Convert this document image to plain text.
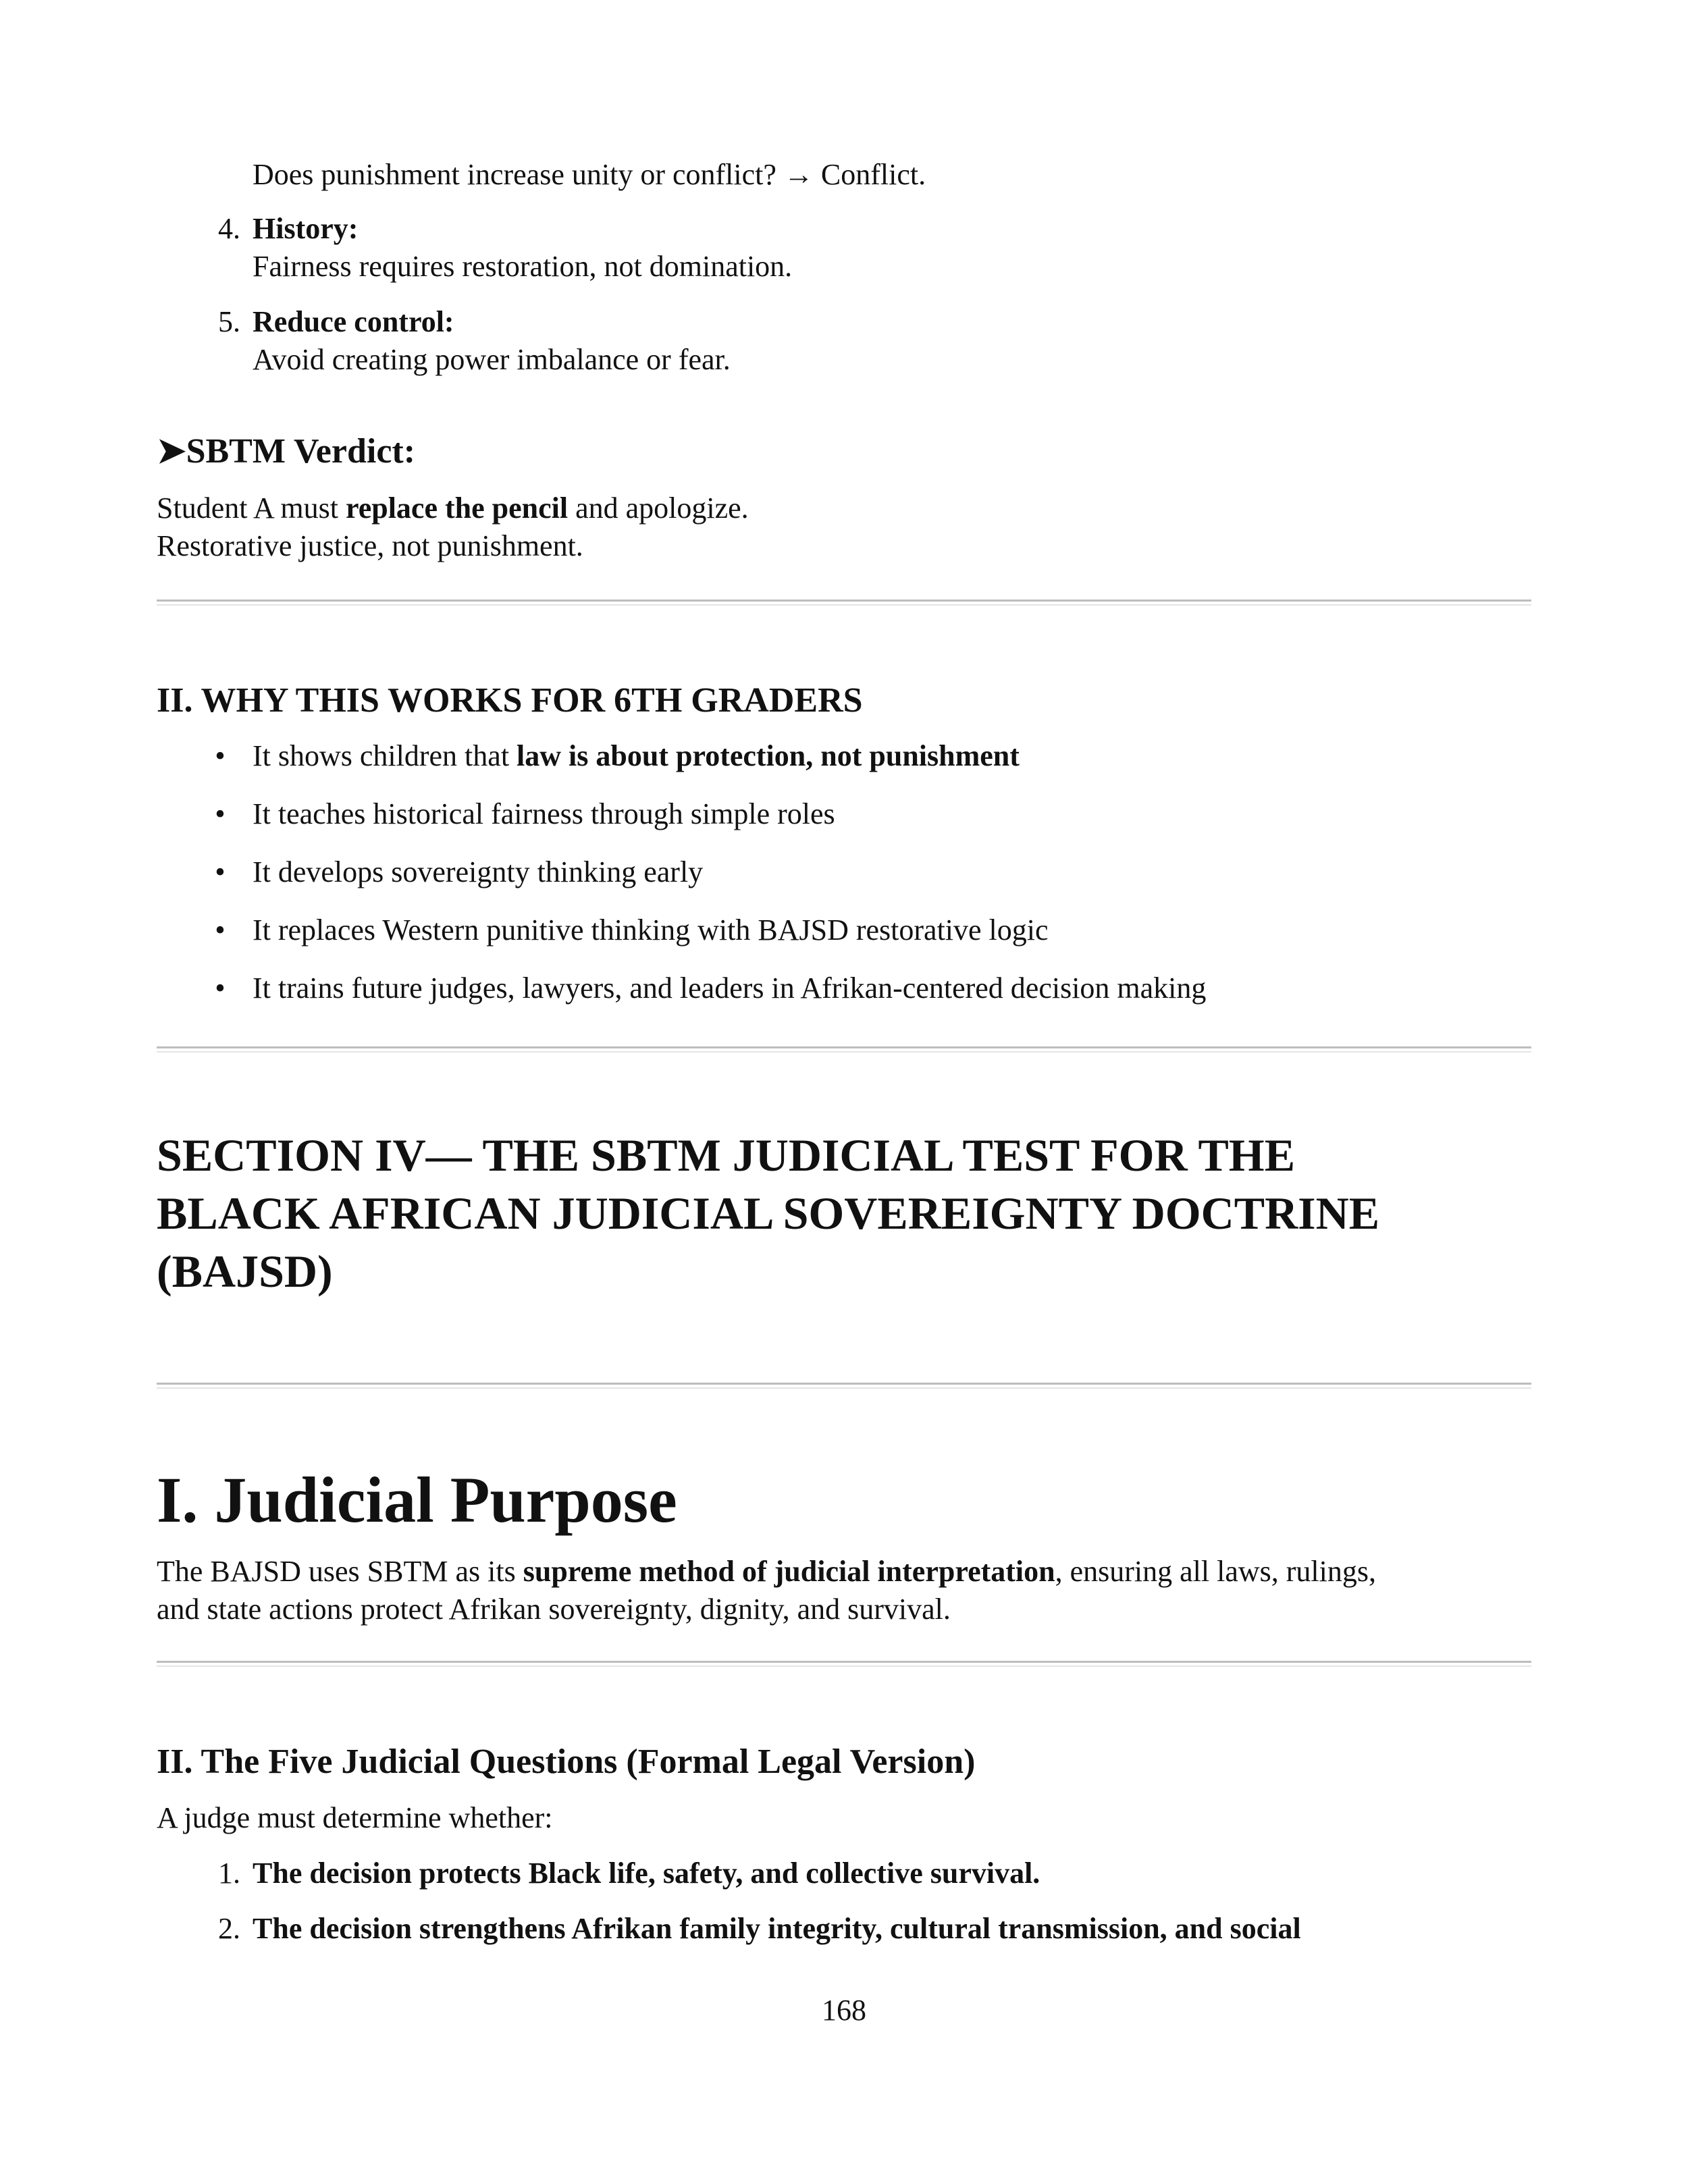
Does punishment increase unity or conflict? → Conflict.

4. History:

Fairness requires restoration, not domination.

5. Reduce control:

Avoid creating power imbalance or fear.

➤SBTM Verdict:

Student A must replace the pencil and apologize.

Restorative justice, not punishment.

II. WHY THIS WORKS FOR 6TH GRADERS
• It shows children that law is about protection, not punishment

• It teaches historical fairness through simple roles

• It develops sovereignty thinking early

• It replaces Western punitive thinking with BAJSD restorative logic

• It trains future judges, lawyers, and leaders in Afrikan-centered decision making

SECTION IV— THE SBTM JUDICIAL TEST FOR THE
BLACK AFRICAN JUDICIAL SOVEREIGNTY DOCTRINE
(BAJSD)
I. Judicial Purpose

The BAJSD uses SBTM as its supreme method of judicial interpretation, ensuring all laws, rulings,

and state actions protect Afrikan sovereignty, dignity, and survival.

II. The Five Judicial Questions (Formal Legal Version)

A judge must determine whether:

1. The decision protects Black life, safety, and collective survival.

2. The decision strengthens Afrikan family integrity, cultural transmission, and social

168
